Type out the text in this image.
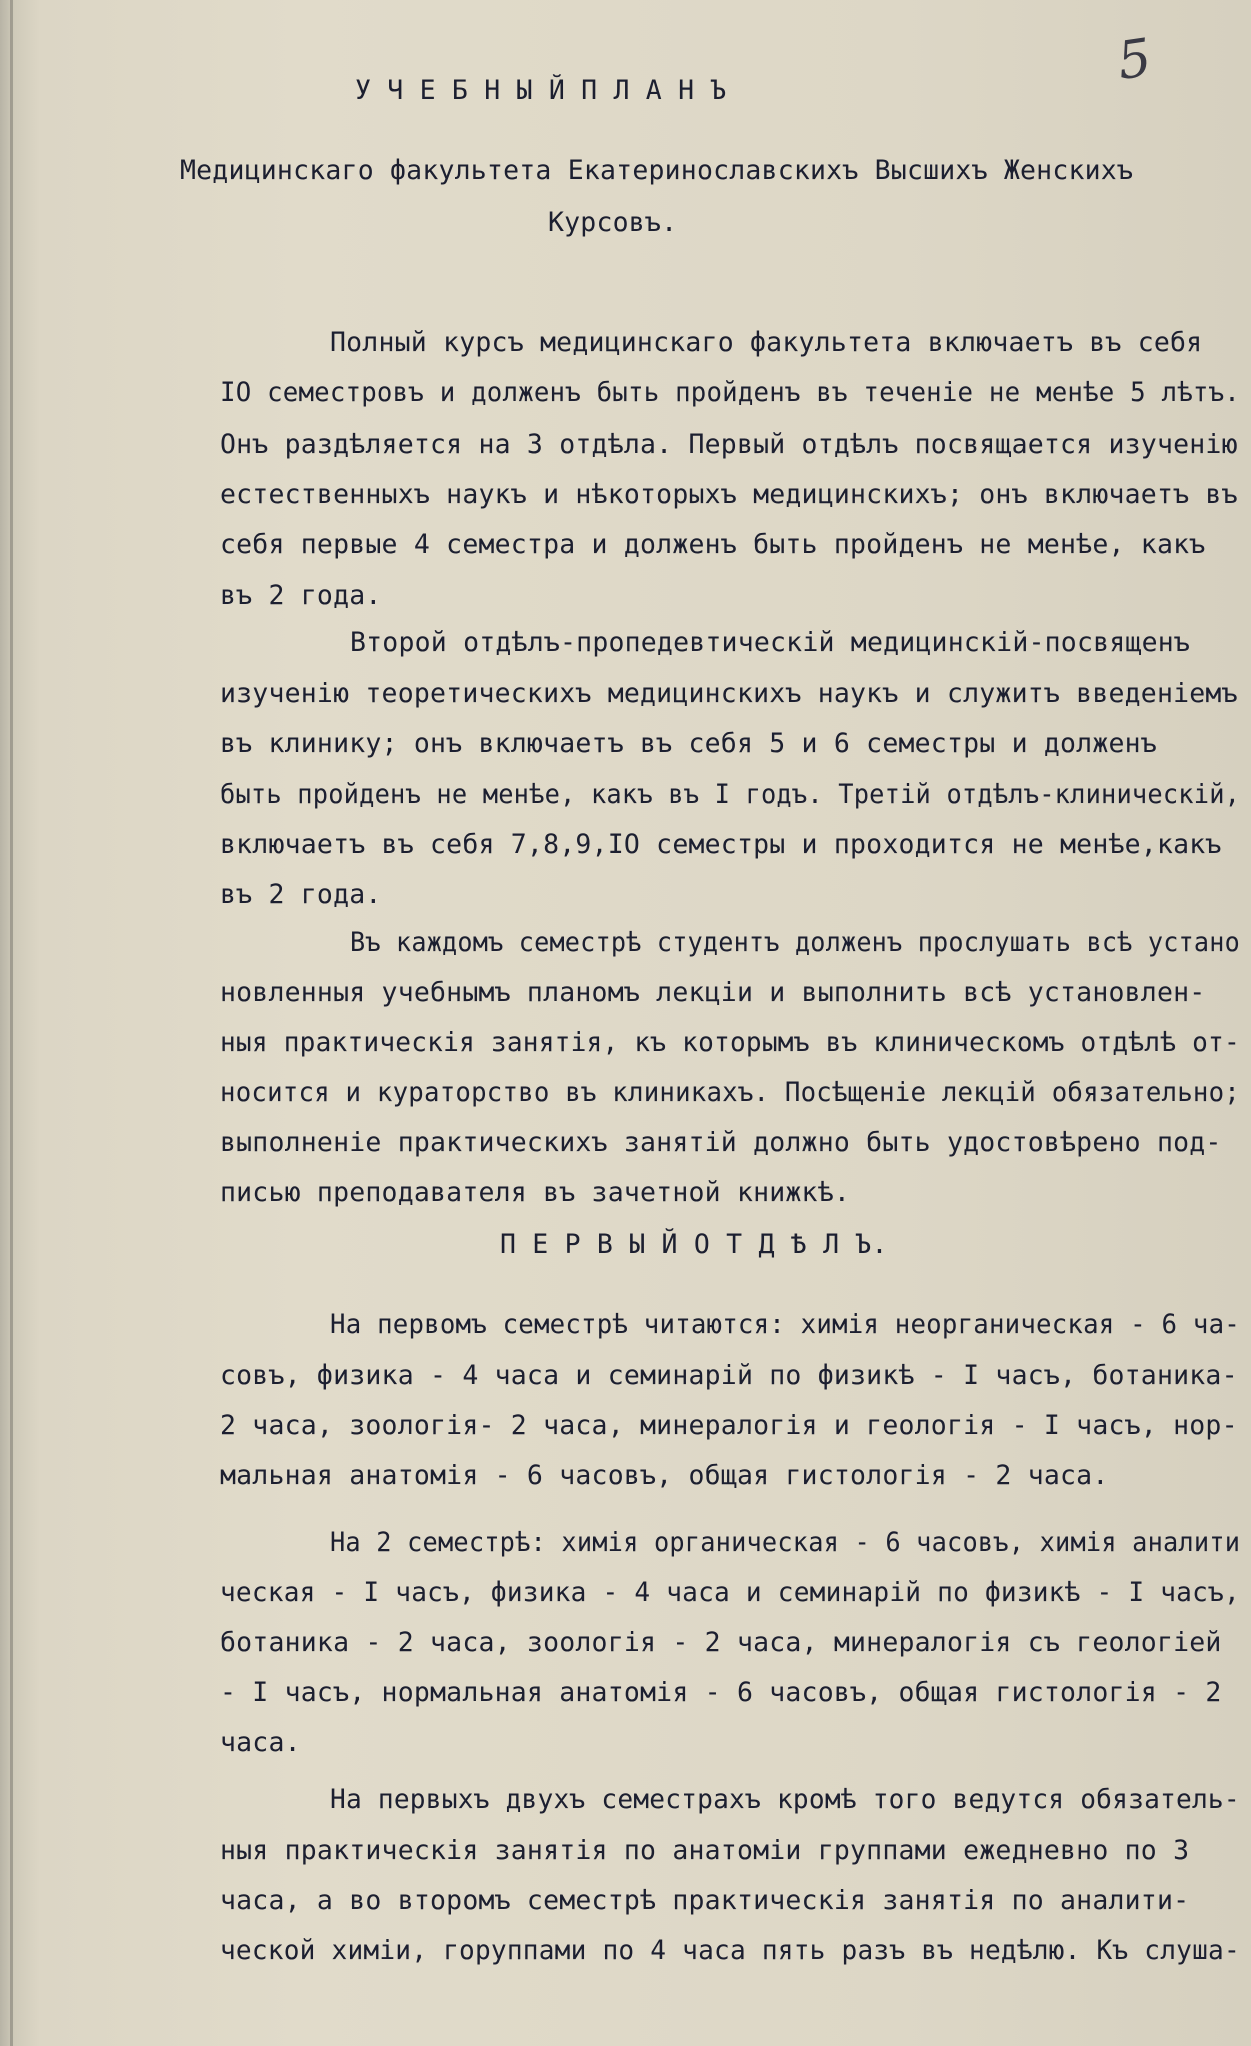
5
У Ч Е Б Н Ы Й П Л А Н Ъ
Медицинскаго факультета Екатеринославскихъ Высшихъ Женскихъ
Курсовъ.
Полный курсъ медицинскаго факультета включаетъ въ себя
IO семестровъ и долженъ быть пройденъ въ теченіе не менѣе 5 лѣтъ.
Онъ раздѣляется на 3 отдѣла. Первый отдѣлъ посвящается изученію
естественныхъ наукъ и нѣкоторыхъ медицинскихъ; онъ включаетъ въ
себя первые 4 семестра и долженъ быть пройденъ не менѣе, какъ
въ 2 года.
Второй отдѣлъ-пропедевтическій медицинскій-посвященъ
изученію теоретическихъ медицинскихъ наукъ и служитъ введеніемъ
въ клинику; онъ включаетъ въ себя 5 и 6 семестры и долженъ
быть пройденъ не менѣе, какъ въ I годъ. Третій отдѣлъ-клиническій,
включаетъ въ себя 7,8,9,IO семестры и проходится не менѣе,какъ
въ 2 года.
Въ каждомъ семестрѣ студентъ долженъ прослушать всѣ устано
новленныя учебнымъ планомъ лекціи и выполнить всѣ установлен-
ныя практическія занятія, къ которымъ въ клиническомъ отдѣлѣ от-
носится и кураторство въ клиникахъ. Посѣщеніе лекцій обязательно;
выполненіе практическихъ занятій должно быть удостовѣрено под-
писью преподавателя въ зачетной книжкѣ.
П Е Р В Ы Й О Т Д Ѣ Л Ъ.
На первомъ семестрѣ читаются: химія неорганическая - 6 ча-
совъ, физика - 4 часа и семинарій по физикѣ - I часъ, ботаника-
2 часа, зоологія- 2 часа, минералогія и геологія - I часъ, нор-
мальная анатомія - 6 часовъ, общая гистологія - 2 часа.
На 2 семестрѣ: химія органическая - 6 часовъ, химія аналити
ческая - I часъ, физика - 4 часа и семинарій по физикѣ - I часъ,
ботаника - 2 часа, зоологія - 2 часа, минералогія съ геологіей
- I часъ, нормальная анатомія - 6 часовъ, общая гистологія - 2
часа.
На первыхъ двухъ семестрахъ кромѣ того ведутся обязатель-
ныя практическія занятія по анатоміи группами ежедневно по 3
часа, а во второмъ семестрѣ практическія занятія по аналити-
ческой химіи, горуппами по 4 часа пять разъ въ недѣлю. Къ слуша-
